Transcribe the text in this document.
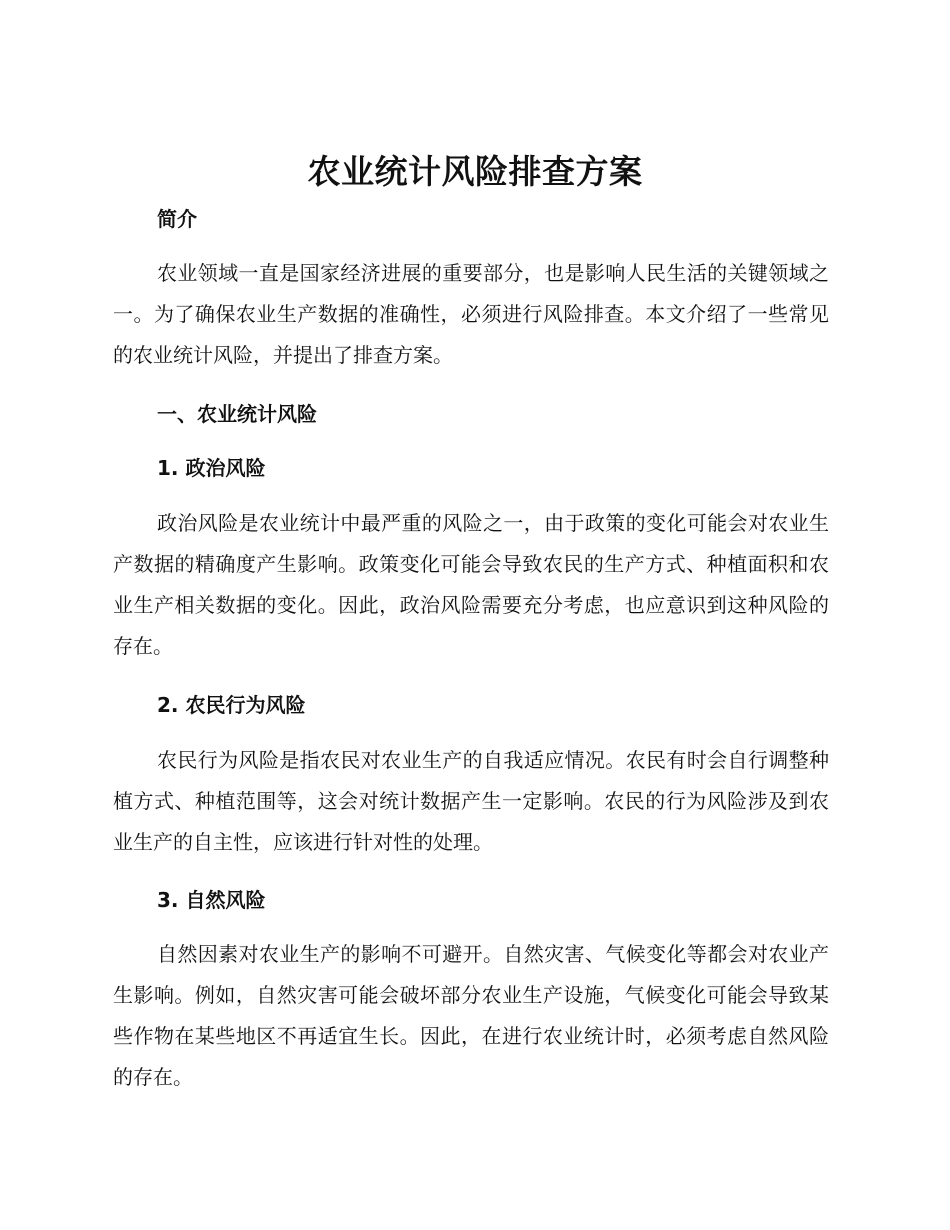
农业统计风险排查方案
简介

农业领域一直是国家经济进展的重要部分，也是影响人民生活的关键领域之一。为了确保农业生产数据的准确性，必须进行风险排查。本文介绍了一些常见的农业统计风险，并提出了排查方案。

一、农业统计风险
1. 政治风险

政治风险是农业统计中最严重的风险之一，由于政策的变化可能会对农业生产数据的精确度产生影响。政策变化可能会导致农民的生产方式、种植面积和农业生产相关数据的变化。因此，政治风险需要充分考虑，也应意识到这种风险的存在。

2. 农民行为风险

农民行为风险是指农民对农业生产的自我适应情况。农民有时会自行调整种植方式、种植范围等，这会对统计数据产生一定影响。农民的行为风险涉及到农业生产的自主性，应该进行针对性的处理。

3. 自然风险

自然因素对农业生产的影响不可避开。自然灾害、气候变化等都会对农业产生影响。例如，自然灾害可能会破坏部分农业生产设施，气候变化可能会导致某些作物在某些地区不再适宜生长。因此，在进行农业统计时，必须考虑自然风险的存在。
